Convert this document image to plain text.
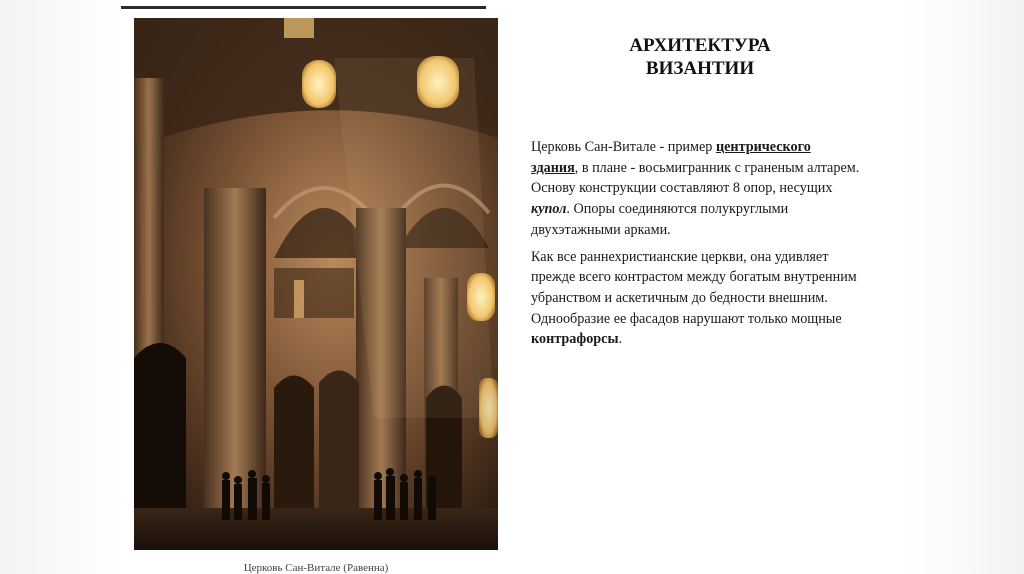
Церковь Сан-Витале (Равенна)
АРХИТЕКТУРА
ВИЗАНТИИ

Церковь Сан-Витале - пример центрического здания, в плане - восьмигранник с граненым алтарем. Основу конструкции составляют 8 опор, несущих купол. Опоры соединяются полукруглыми двухэтажными арками.

Как все раннехристианские церкви, она удивляет прежде всего контрастом между богатым внутренним убранством и аскетичным до бедности внешним. Однообразие ее фасадов нарушают только мощные контрафорсы.
